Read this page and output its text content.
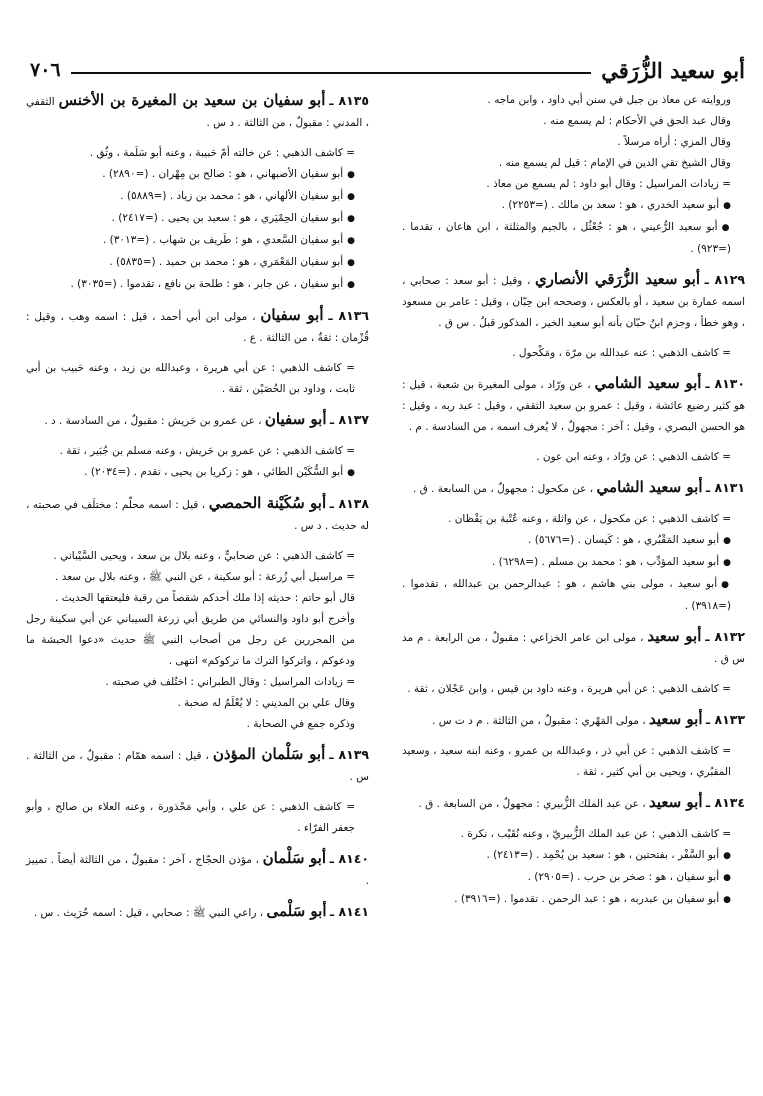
أبو سعيد الزُّرَقي
٧٠٦

وروايته عن معاذ بن جبل في سنن أبي داود ، وابن ماجه .

وقال عبد الحق في الأحكام : لم يسمع منه .

وقال المزي : أراه مرسلاً .

وقال الشيخ تقي الدين في الإمام : قيل لم يسمع منه .

= زيادات المراسيل : وقال أبو داود : لم يسمع من معاذ .

● أبو سعيد الخدري ، هو : سعد بن مالك . (=٢٢٥٣) .

● أبو سعيد الرُّعيني ، هو : جُعْثُل ، بالجيم والمثلثة ، ابن هاعان ، تقدما . (=٩٢٣) .

٨١٢٩ ـ أبو سعيد الزُّرَقي الأنصاري ، وقيل : أبو سعد : صحابي ، اسمه عمارة بن سعيد ، أو بالعكس ، وصححه ابن حِبّان ، وقيل : عامر بن مسعود ، وهو خطأ ، وجزم ابنُ حبّان بأنه أبو سعيد الخير ، المذكور قبلُ . س ق .

= كاشف الذهبي : عنه عبدالله بن مرّة ، ومَكْحول .

٨١٣٠ ـ أبو سعيد الشامي ، عن ورّاد ، مولى المغيرة بن شعبة ، قيل : هو كثير رضيع عائشة ، وقيل : عمرو بن سعيد الثقفي ، وقيل : عبد ربه ، وقيل : هو الحسن البصري ، وقيل : آخر : مجهولٌ ، لا يُعرف اسمه ، من السادسة . م .

= كاشف الذهبي : عن ورّاد ، وعنه ابن عون .

٨١٣١ ـ أبو سعيد الشامي ، عن مكحول : مجهولٌ ، من السابعة . ق .

= كاشف الذهبي : عن مكحول ، عن واثلة ، وعنه عُتْبة بن يَقْظان .

● أبو سعيد المَقْبُري ، هو : كَيسان . (=٥٦٧٦) .

● أبو سعيد المؤدِّب ، هو : محمد بن مسلم . (=٦٢٩٨) .

● أبو سعيد ، مولى بني هاشم ، هو : عبدالرحمن بن عبدالله ، تقدموا . (=٣٩١٨) .

٨١٣٢ ـ أبو سعيد ، مولى ابن عامر الخزاعي : مقبولٌ ، من الرابعة . م مد س ق .

= كاشف الذهبي : عن أبي هريرة ، وعنه داود بن قيس ، وابن عَجْلان ، ثقة .

٨١٣٣ ـ أبو سعيد ، مولى المَهْري : مقبولٌ ، من الثالثة . م د ت س .

= كاشف الذهبي : عن أبي ذر ، وعبدالله بن عمرو ، وعنه ابنه سعيد ، وسعيد المقبُري ، ويحيى بن أبي كثير ، ثقة .

٨١٣٤ ـ أبو سعيد ، عن عبد الملك الزُّبيري : مجهولٌ ، من السابعة . ق .

= كاشف الذهبي : عن عبد الملك الزُّبيريّ ، وعنه نُقَيْب ، نكرة .

● أبو السَّفْر ، بفتحتين ، هو : سعيد بن يُحْمِد . (=٢٤١٣) .

● أبو سفيان ، هو : صخر بن حرب . (=٢٩٠٥) .

● أبو سفيان بن عبدربه ، هو : عبد الرحمن . تقدموا . (=٣٩١٦) .

٨١٣٥ ـ أبو سفيان بن سعيد بن المغيرة بن الأخنس الثقفي ، المدني : مقبولٌ ، من الثالثة . د س .

= كاشف الذهبي : عن خالته أمّ حَبيبة ، وعنه أبو سَلَمة ، وثُق .

● أبو سفيان الأصبهاني ، هو : صالح بن مِهْران . (=٢٨٩٠) .

● أبو سفيان الألهاني ، هو : محمد بن زياد . (=٥٨٨٩) .

● أبو سفيان الحِمْيَري ، هو : سعيد بن يحيى . (=٢٤١٧) .

● أبو سفيان السَّعدي ، هو : طَريف بن شهاب . (=٣٠١٣) .

● أبو سفيان المَعْمَري ، هو : محمد بن حميد . (=٥٨٣٥) .

● أبو سفيان ، عن جابر ، هو : طلحة بن نافع ، تقدموا . (=٣٠٣٥) .

٨١٣٦ ـ أبو سفيان ، مولى ابن أبي أحمد ، قيل : اسمه وهب ، وقيل : قُزْمان : ثقةٌ ، من الثالثة . ع .

= كاشف الذهبي : عن أبي هريرة ، وعبدالله بن زيد ، وعنه حَبيب بن أبي ثابت ، وداود بن الحُصَيْن ، ثقة .

٨١٣٧ ـ أبو سفيان ، عن عمرو بن حَريش : مقبولٌ ، من السادسة . د .

= كاشف الذهبي : عن عمرو بن حَريش ، وعنه مسلم بن جُبَير ، ثقة .

● أبو السُّكَيْن الطائي ، هو : زكريا بن يحيى ، تقدم . (=٢٠٣٤) .

٨١٣٨ ـ أبو سُكَيْنة الحمصي ، قيل : اسمه محلّم : مختلَف في صحبته ، له حديث . د س .

= كاشف الذهبي : عن صحابيٍّ ، وعنه بلال بن سعد ، ويحيى السَّيْباني .

= مراسيل أبي زُرعة : أبو سكينة ، عن النبي ﷺ ، وعنه بلال بن سعد .

قال أبو حاتم : حديثه إذا ملك أحدكم شقصاً من رقبة فليعتقها الحديث .

وأخرج أبو داود والنسائي من طريق أبي زرعة السيباني عن أبي سكينة رجل من المحررين عن رجل من أصحاب النبي ﷺ حديث «دعوا الحبشة ما ودعوكم ، واتركوا الترك ما تركوكم» انتهى .

= زيادات المراسيل : وقال الطبراني : اختُلف في صحبته .

وقال علي بن المديني : لا يُعْلَمُ له صحبة .

وذكره جمع في الصحابة .

٨١٣٩ ـ أبو سَلْمان المؤذن ، قيل : اسمه همّام : مقبولٌ ، من الثالثة . س .

= كاشف الذهبي : عن علي ، وأبي مَحْذورة ، وعنه العلاء بن صالح ، وأبو جعفر الفرّاء .

٨١٤٠ ـ أبو سَلْمان ، مؤذن الحجّاج ، آخر : مقبولٌ ، من الثالثة أيضاً . تمييز .

٨١٤١ ـ أبو سَلْمى ، راعي النبي ﷺ : صحابي ، قيل : اسمه حُرَيث . س .
